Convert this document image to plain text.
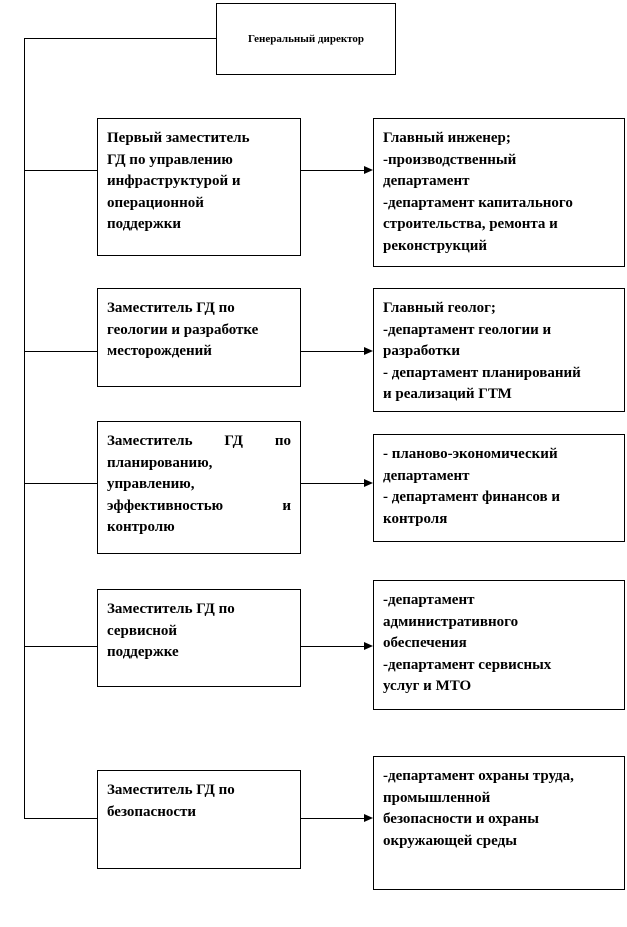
Генеральный директор
Первый заместитель
ГД по управлению
инфраструктурой и
операционной
поддержки
Главный инженер;
-производственный
департамент
-департамент капитального
строительства, ремонта и
реконструкций
Заместитель ГД по
геологии и разработке
месторождений
Главный геолог;
-департамент геологии и
разработки
- департамент планирований
и реализаций ГТМ
Заместитель ГД по
планированию,
управлению,
эффективностью и
контролю
- планово-экономический
департамент
- департамент финансов и
контроля
Заместитель ГД по
сервисной
поддержке
-департамент
административного
обеспечения
-департамент сервисных
услуг и МТО
Заместитель ГД по
безопасности
-департамент охраны труда,
промышленной
безопасности и охраны
окружающей среды
